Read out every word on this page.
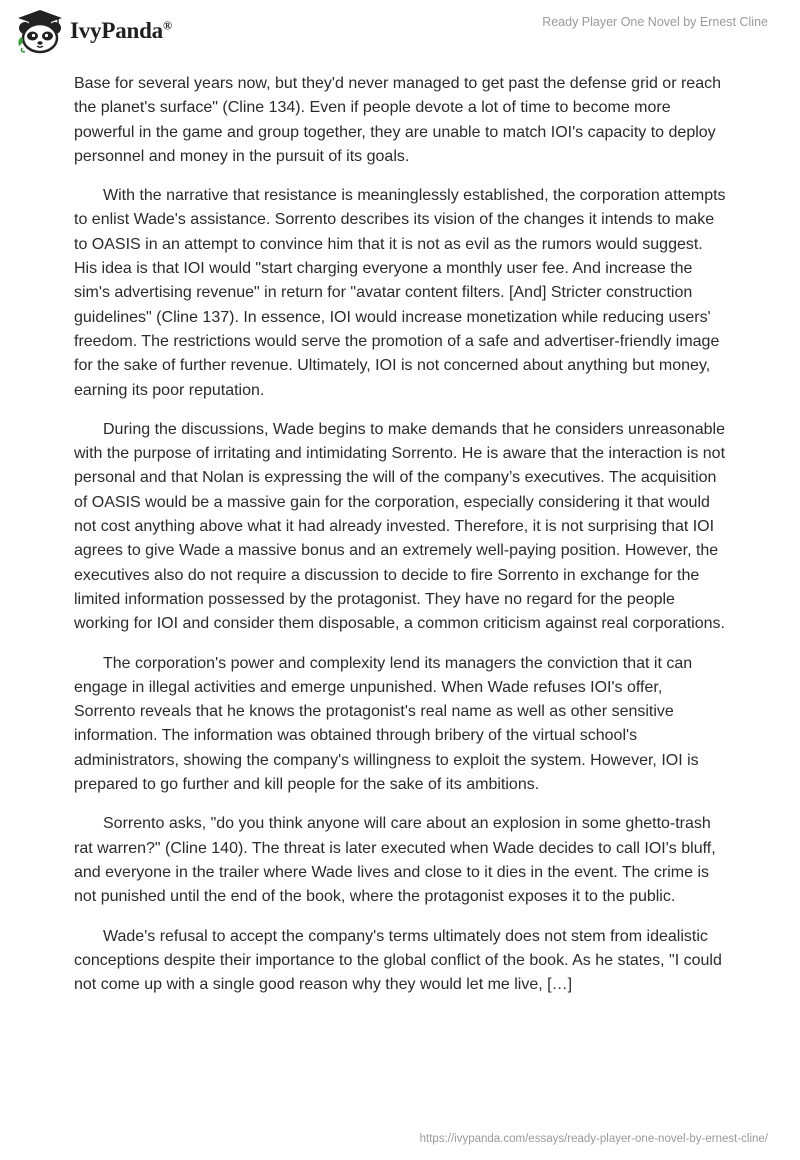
IvyPanda®	Ready Player One Novel by Ernest Cline

Base for several years now, but they'd never managed to get past the defense grid or reach the planet's surface" (Cline 134). Even if people devote a lot of time to become more powerful in the game and group together, they are unable to match IOI's capacity to deploy personnel and money in the pursuit of its goals.

With the narrative that resistance is meaninglessly established, the corporation attempts to enlist Wade's assistance. Sorrento describes its vision of the changes it intends to make to OASIS in an attempt to convince him that it is not as evil as the rumors would suggest. His idea is that IOI would "start charging everyone a monthly user fee. And increase the sim's advertising revenue" in return for "avatar content filters. [And] Stricter construction guidelines" (Cline 137). In essence, IOI would increase monetization while reducing users' freedom. The restrictions would serve the promotion of a safe and advertiser-friendly image for the sake of further revenue. Ultimately, IOI is not concerned about anything but money, earning its poor reputation.

During the discussions, Wade begins to make demands that he considers unreasonable with the purpose of irritating and intimidating Sorrento. He is aware that the interaction is not personal and that Nolan is expressing the will of the company’s executives. The acquisition of OASIS would be a massive gain for the corporation, especially considering it that would not cost anything above what it had already invested. Therefore, it is not surprising that IOI agrees to give Wade a massive bonus and an extremely well-paying position. However, the executives also do not require a discussion to decide to fire Sorrento in exchange for the limited information possessed by the protagonist. They have no regard for the people working for IOI and consider them disposable, a common criticism against real corporations.

The corporation's power and complexity lend its managers the conviction that it can engage in illegal activities and emerge unpunished. When Wade refuses IOI's offer, Sorrento reveals that he knows the protagonist's real name as well as other sensitive information. The information was obtained through bribery of the virtual school's administrators, showing the company's willingness to exploit the system. However, IOI is prepared to go further and kill people for the sake of its ambitions.

Sorrento asks, "do you think anyone will care about an explosion in some ghetto-trash rat warren?" (Cline 140). The threat is later executed when Wade decides to call IOI's bluff, and everyone in the trailer where Wade lives and close to it dies in the event. The crime is not punished until the end of the book, where the protagonist exposes it to the public.

Wade's refusal to accept the company's terms ultimately does not stem from idealistic conceptions despite their importance to the global conflict of the book. As he states, "I could not come up with a single good reason why they would let me live, […]

https://ivypanda.com/essays/ready-player-one-novel-by-ernest-cline/
